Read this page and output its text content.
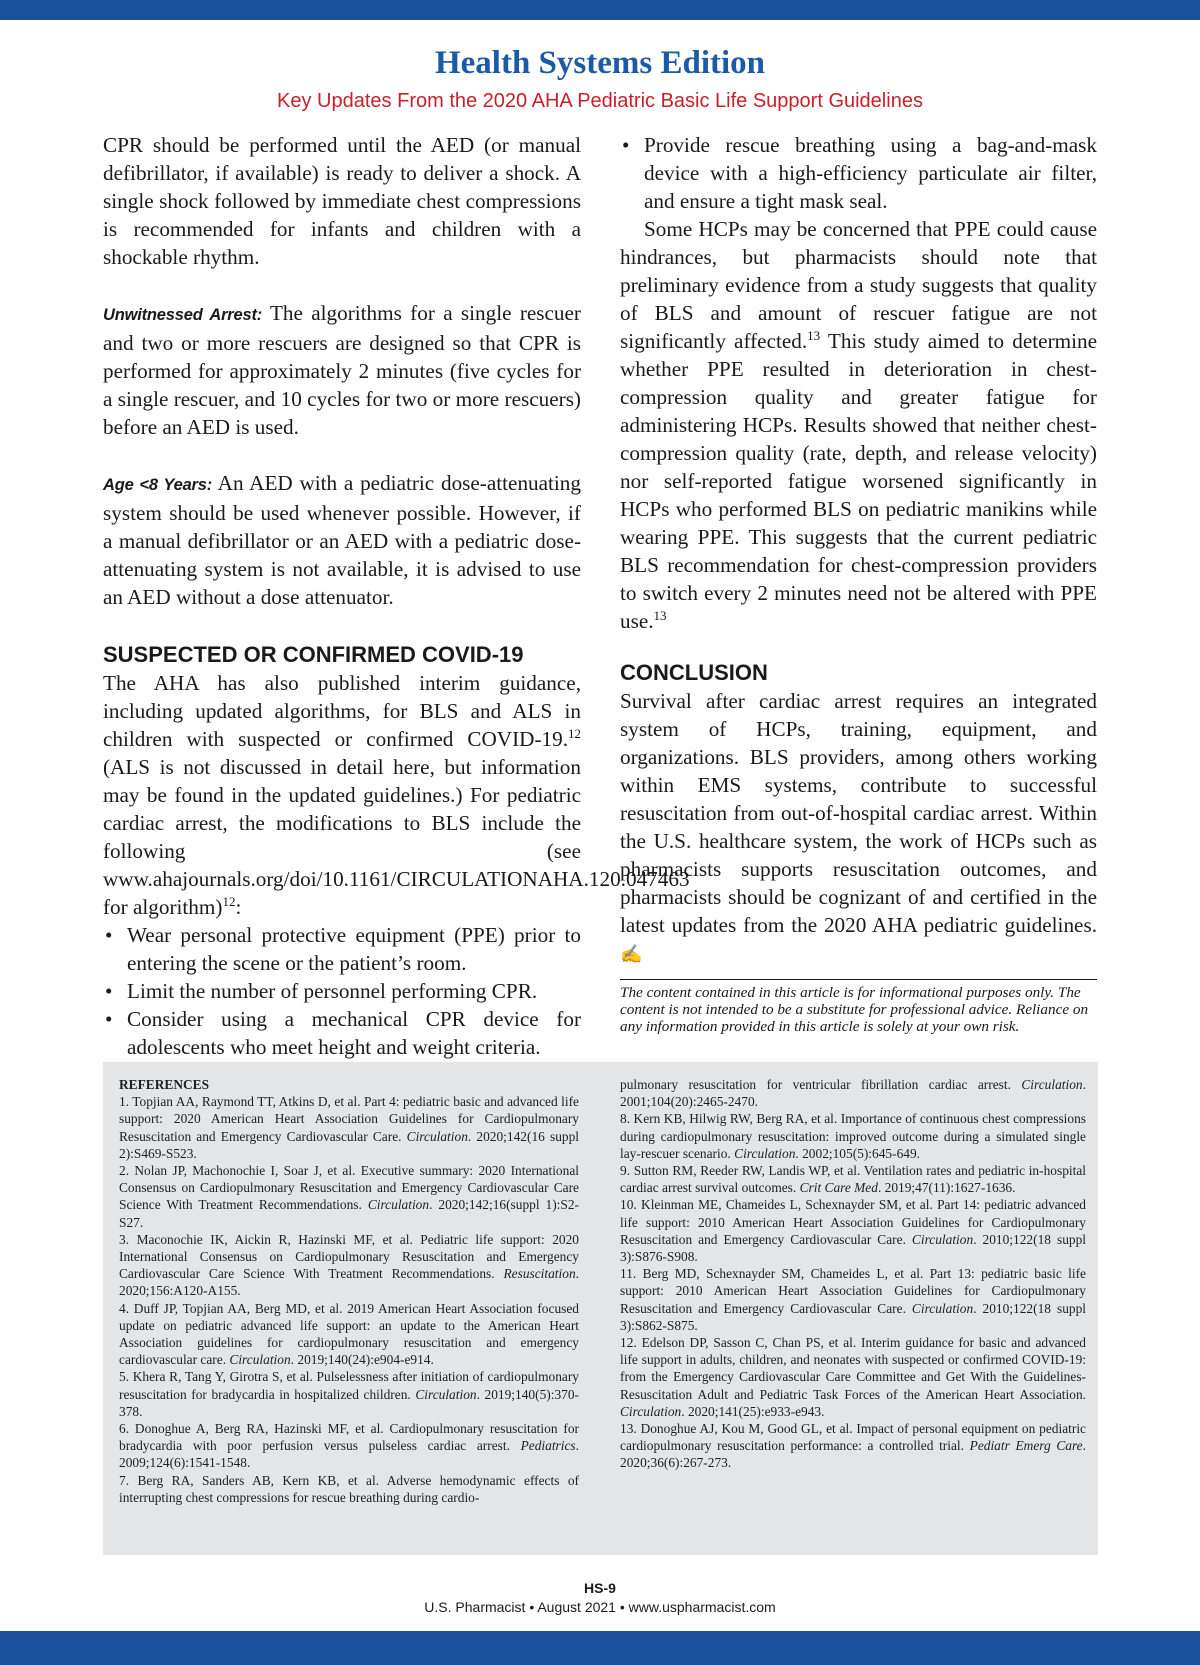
Health Systems Edition
Key Updates From the 2020 AHA Pediatric Basic Life Support Guidelines

CPR should be performed until the AED (or manual defibrillator, if available) is ready to deliver a shock. A single shock followed by immediate chest compressions is recommended for infants and children with a shockable rhythm.

Unwitnessed Arrest: The algorithms for a single rescuer and two or more rescuers are designed so that CPR is performed for approximately 2 minutes (five cycles for a single rescuer, and 10 cycles for two or more rescuers) before an AED is used.

Age <8 Years: An AED with a pediatric dose-attenuating system should be used whenever possible. However, if a manual defibrillator or an AED with a pediatric dose-attenuating system is not available, it is advised to use an AED without a dose attenuator.

SUSPECTED OR CONFIRMED COVID-19

The AHA has also published interim guidance, including updated algorithms, for BLS and ALS in children with suspected or confirmed COVID-19.12 (ALS is not discussed in detail here, but information may be found in the updated guidelines.) For pediatric cardiac arrest, the modifications to BLS include the following (see www.ahajournals.org/doi/10.1161/CIRCULATIONAHA.120.047463 for algorithm)$^{12}$:

• Wear personal protective equipment (PPE) prior to entering the scene or the patient’s room.
• Limit the number of personnel performing CPR.
• Consider using a mechanical CPR device for adolescents who meet height and weight criteria.
• Provide rescue breathing using a bag-and-mask device with a high-efficiency particulate air filter, and ensure a tight mask seal.

Some HCPs may be concerned that PPE could cause hindrances, but pharmacists should note that preliminary evidence from a study suggests that quality of BLS and amount of rescuer fatigue are not significantly affected.$^{13}$ This study aimed to determine whether PPE resulted in deterioration in chest-compression quality and greater fatigue for administering HCPs. Results showed that neither chest-compression quality (rate, depth, and release velocity) nor self-reported fatigue worsened significantly in HCPs who performed BLS on pediatric manikins while wearing PPE. This suggests that the current pediatric BLS recommendation for chest-compression providers to switch every 2 minutes need not be altered with PPE use.$^{13}$

CONCLUSION

Survival after cardiac arrest requires an integrated system of HCPs, training, equipment, and organizations. BLS providers, among others working within EMS systems, contribute to successful resuscitation from out-of-hospital cardiac arrest. Within the U.S. healthcare system, the work of HCPs such as pharmacists supports resuscitation outcomes, and pharmacists should be cognizant of and certified in the latest updates from the 2020 AHA pediatric guidelines. ✍

The content contained in this article is for informational purposes only. The content is not intended to be a substitute for professional advice. Reliance on any information provided in this article is solely at your own risk.
REFERENCES

1. Topjian AA, Raymond TT, Atkins D, et al. Part 4: pediatric basic and advanced life support: 2020 American Heart Association Guidelines for Cardiopulmonary Resuscitation and Emergency Cardiovascular Care. Circulation. 2020;142(16 suppl 2):S469-S523.

2. Nolan JP, Machonochie I, Soar J, et al. Executive summary: 2020 International Consensus on Cardiopulmonary Resuscitation and Emergency Cardiovascular Care Science With Treatment Recommendations. Circulation. 2020;142;16(suppl 1):S2-S27.

3. Maconochie IK, Aickin R, Hazinski MF, et al. Pediatric life support: 2020 International Consensus on Cardiopulmonary Resuscitation and Emergency Cardiovascular Care Science With Treatment Recommendations. Resuscitation. 2020;156:A120-A155.

4. Duff JP, Topjian AA, Berg MD, et al. 2019 American Heart Association focused update on pediatric advanced life support: an update to the American Heart Association guidelines for cardiopulmonary resuscitation and emergency cardiovascular care. Circulation. 2019;140(24):e904-e914.

5. Khera R, Tang Y, Girotra S, et al. Pulselessness after initiation of cardiopulmonary resuscitation for bradycardia in hospitalized children. Circulation. 2019;140(5):370-378.

6. Donoghue A, Berg RA, Hazinski MF, et al. Cardiopulmonary resuscitation for bradycardia with poor perfusion versus pulseless cardiac arrest. Pediatrics. 2009;124(6):1541-1548.

7. Berg RA, Sanders AB, Kern KB, et al. Adverse hemodynamic effects of interrupting chest compressions for rescue breathing during cardio-

pulmonary resuscitation for ventricular fibrillation cardiac arrest. Circulation. 2001;104(20):2465-2470.

8. Kern KB, Hilwig RW, Berg RA, et al. Importance of continuous chest compressions during cardiopulmonary resuscitation: improved outcome during a simulated single lay-rescuer scenario. Circulation. 2002;105(5):645-649.

9. Sutton RM, Reeder RW, Landis WP, et al. Ventilation rates and pediatric in-hospital cardiac arrest survival outcomes. Crit Care Med. 2019;47(11):1627-1636.

10. Kleinman ME, Chameides L, Schexnayder SM, et al. Part 14: pediatric advanced life support: 2010 American Heart Association Guidelines for Cardiopulmonary Resuscitation and Emergency Cardiovascular Care. Circulation. 2010;122(18 suppl 3):S876-S908.

11. Berg MD, Schexnayder SM, Chameides L, et al. Part 13: pediatric basic life support: 2010 American Heart Association Guidelines for Cardiopulmonary Resuscitation and Emergency Cardiovascular Care. Circulation. 2010;122(18 suppl 3):S862-S875.

12. Edelson DP, Sasson C, Chan PS, et al. Interim guidance for basic and advanced life support in adults, children, and neonates with suspected or confirmed COVID-19: from the Emergency Cardiovascular Care Committee and Get With the Guidelines-Resuscitation Adult and Pediatric Task Forces of the American Heart Association. Circulation. 2020;141(25):e933-e943.

13. Donoghue AJ, Kou M, Good GL, et al. Impact of personal equipment on pediatric cardiopulmonary resuscitation performance: a controlled trial. Pediatr Emerg Care. 2020;36(6):267-273.

HS-9
U.S. Pharmacist • August 2021 • www.uspharmacist.com
